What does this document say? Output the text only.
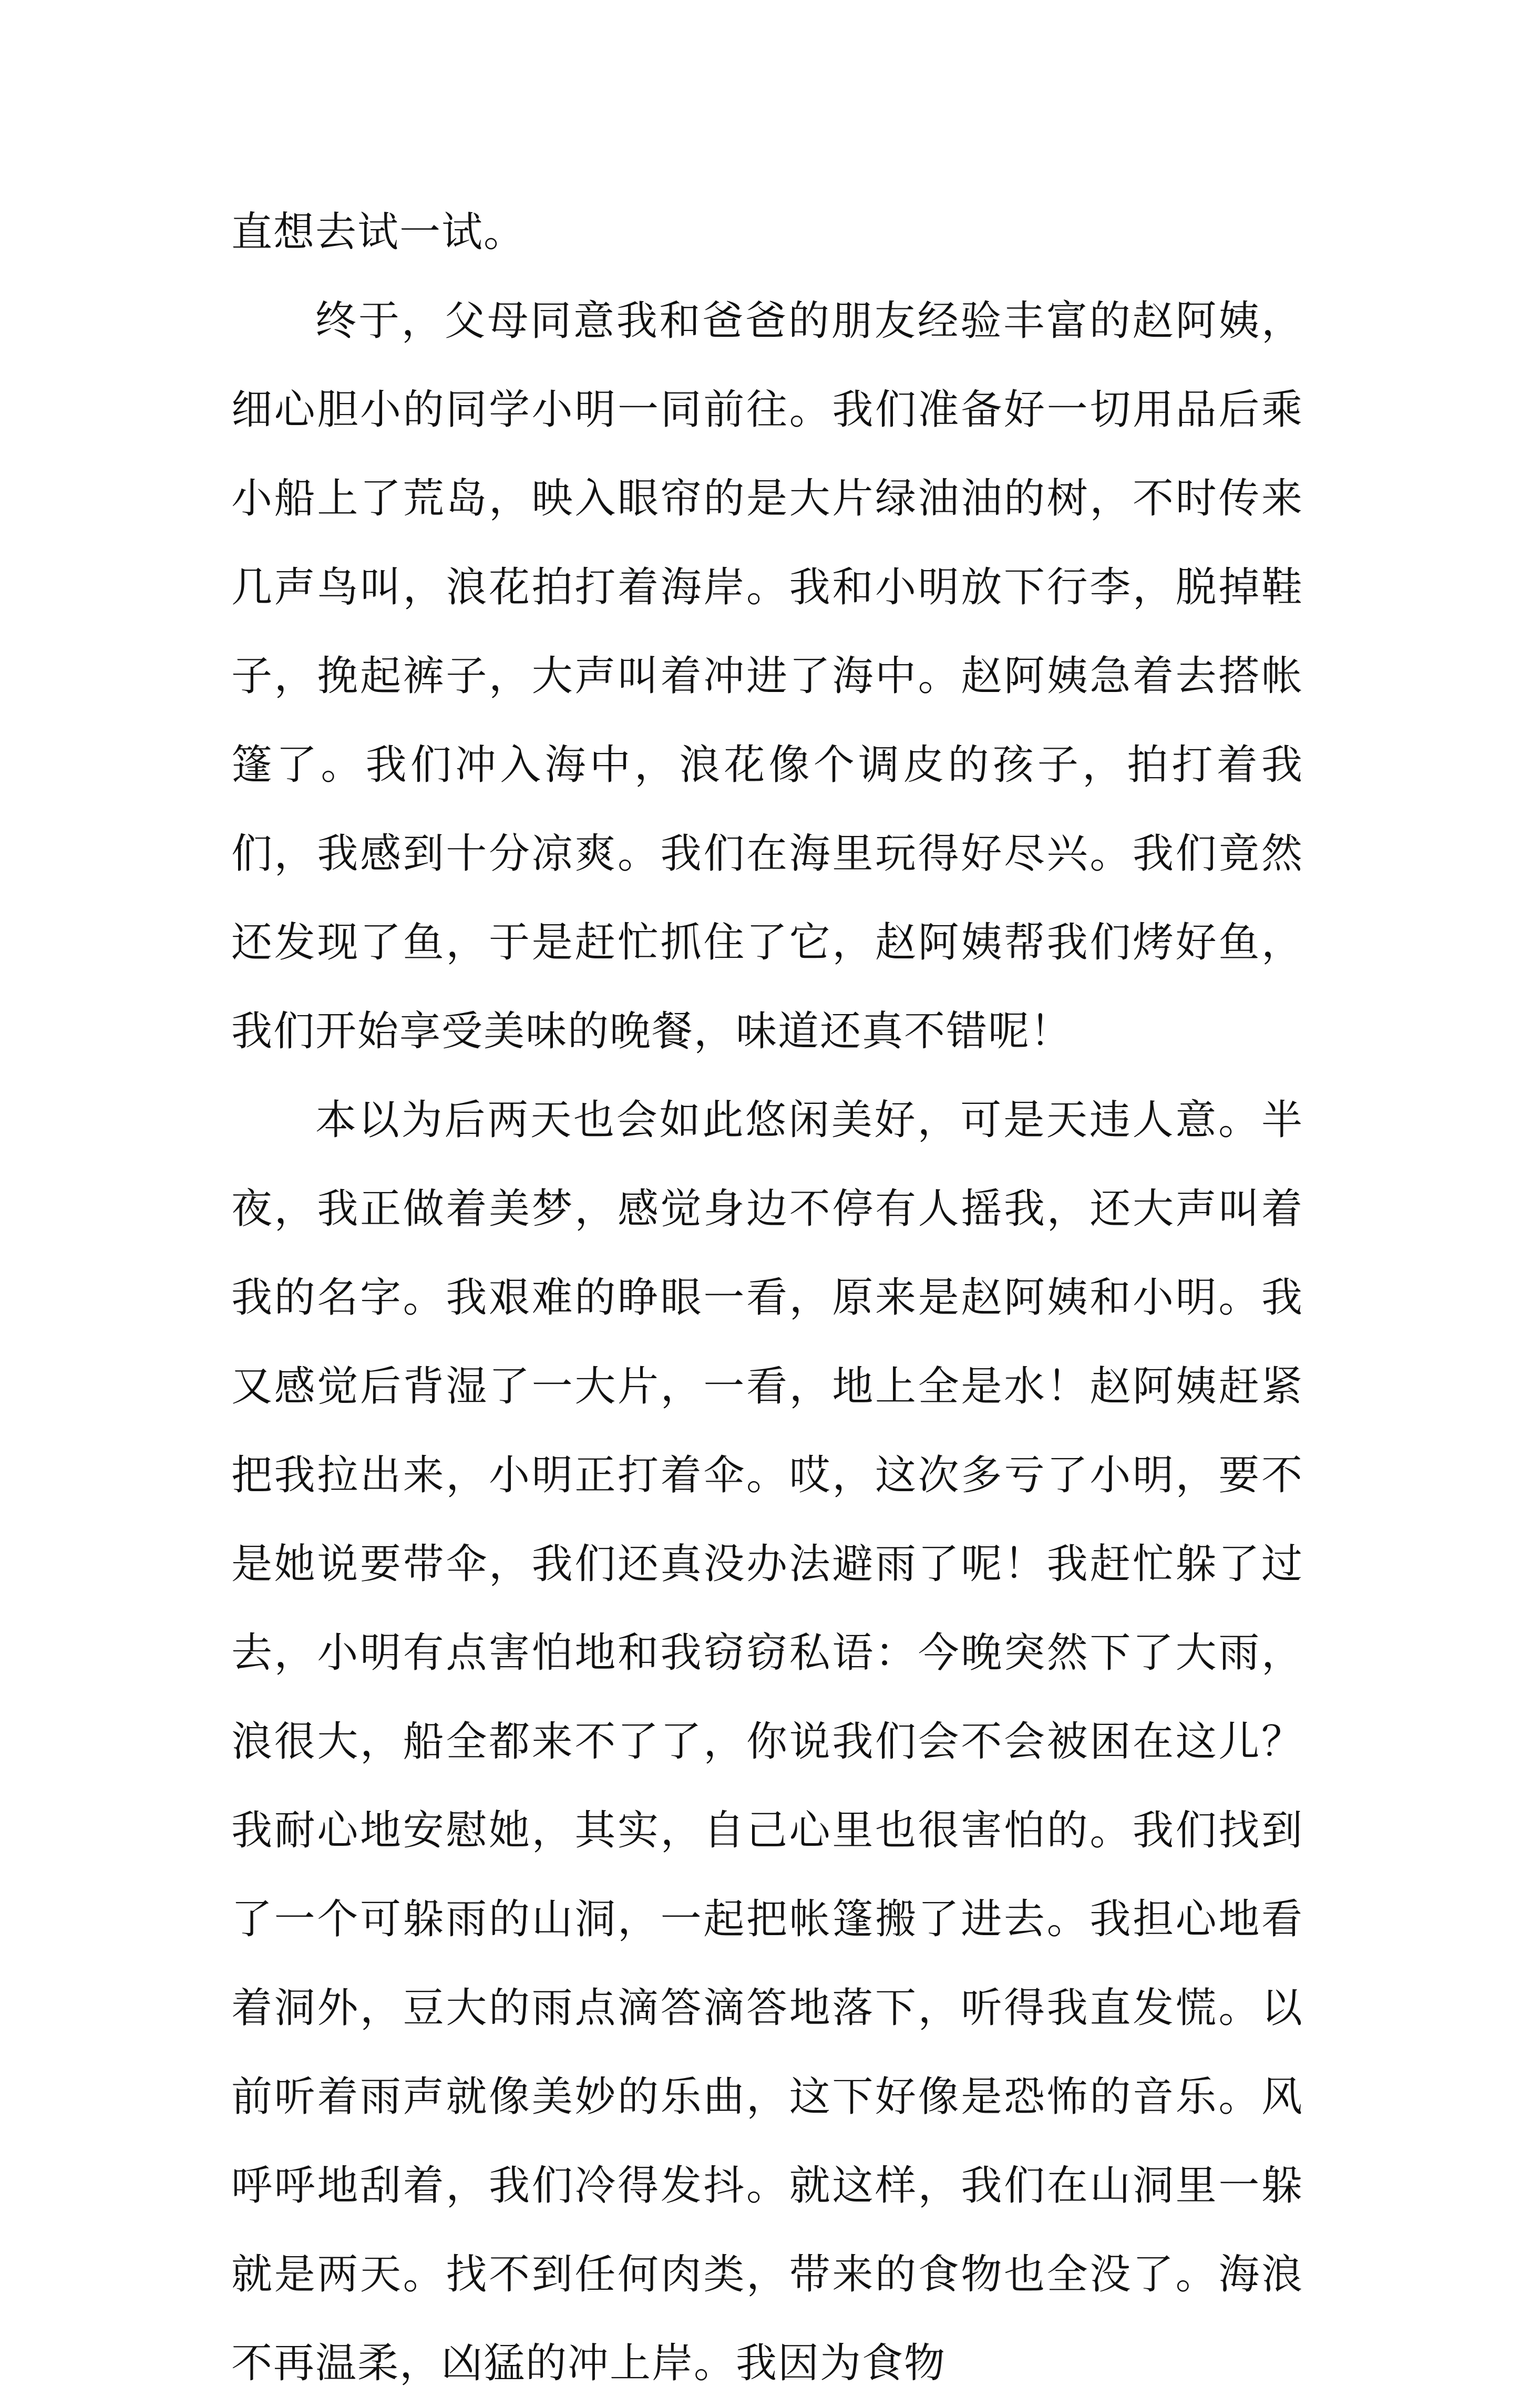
直想去试一试。

终于，父母同意我和爸爸的朋友经验丰富的赵阿姨，细心胆小的同学小明一同前往。我们准备好一切用品后乘小船上了荒岛，映入眼帘的是大片绿油油的树，不时传来几声鸟叫，浪花拍打着海岸。我和小明放下行李，脱掉鞋子，挽起裤子，大声叫着冲进了海中。赵阿姨急着去搭帐篷了。我们冲入海中，浪花像个调皮的孩子，拍打着我们，我感到十分凉爽。我们在海里玩得好尽兴。我们竟然还发现了鱼，于是赶忙抓住了它，赵阿姨帮我们烤好鱼，我们开始享受美味的晚餐，味道还真不错呢！

本以为后两天也会如此悠闲美好，可是天违人意。半夜，我正做着美梦，感觉身边不停有人摇我，还大声叫着我的名字。我艰难的睁眼一看，原来是赵阿姨和小明。我又感觉后背湿了一大片，一看，地上全是水！赵阿姨赶紧把我拉出来，小明正打着伞。哎，这次多亏了小明，要不是她说要带伞，我们还真没办法避雨了呢！我赶忙躲了过去，小明有点害怕地和我窃窃私语：今晚突然下了大雨，浪很大，船全都来不了了，你说我们会不会被困在这儿？我耐心地安慰她，其实，自己心里也很害怕的。我们找到了一个可躲雨的山洞，一起把帐篷搬了进去。我担心地看着洞外，豆大的雨点滴答滴答地落下，听得我直发慌。以前听着雨声就像美妙的乐曲，这下好像是恐怖的音乐。风呼呼地刮着，我们冷得发抖。就这样，我们在山洞里一躲就是两天。找不到任何肉类，带来的食物也全没了。海浪不再温柔，凶猛的冲上岸。我因为食物
